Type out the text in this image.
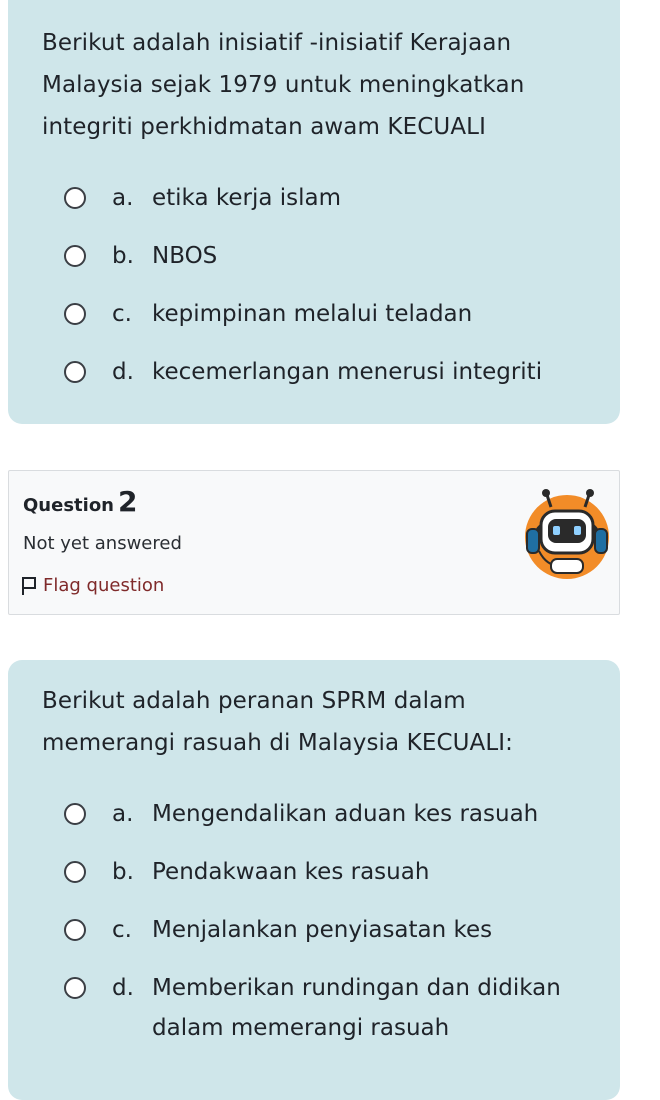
Berikut adalah inisiatif -inisiatif Kerajaan Malaysia sejak 1979 untuk meningkatkan integriti perkhidmatan awam KECUALI

a. etika kerja islam
b. NBOS
c. kepimpinan melalui teladan
d. kecemerlangan menerusi integriti
Question 2
Not yet answered
Flag question

Berikut adalah peranan SPRM dalam memerangi rasuah di Malaysia KECUALI:

a. Mengendalikan aduan kes rasuah
b. Pendakwaan kes rasuah
c. Menjalankan penyiasatan kes
d. Memberikan rundingan dan didikan dalam memerangi rasuah
